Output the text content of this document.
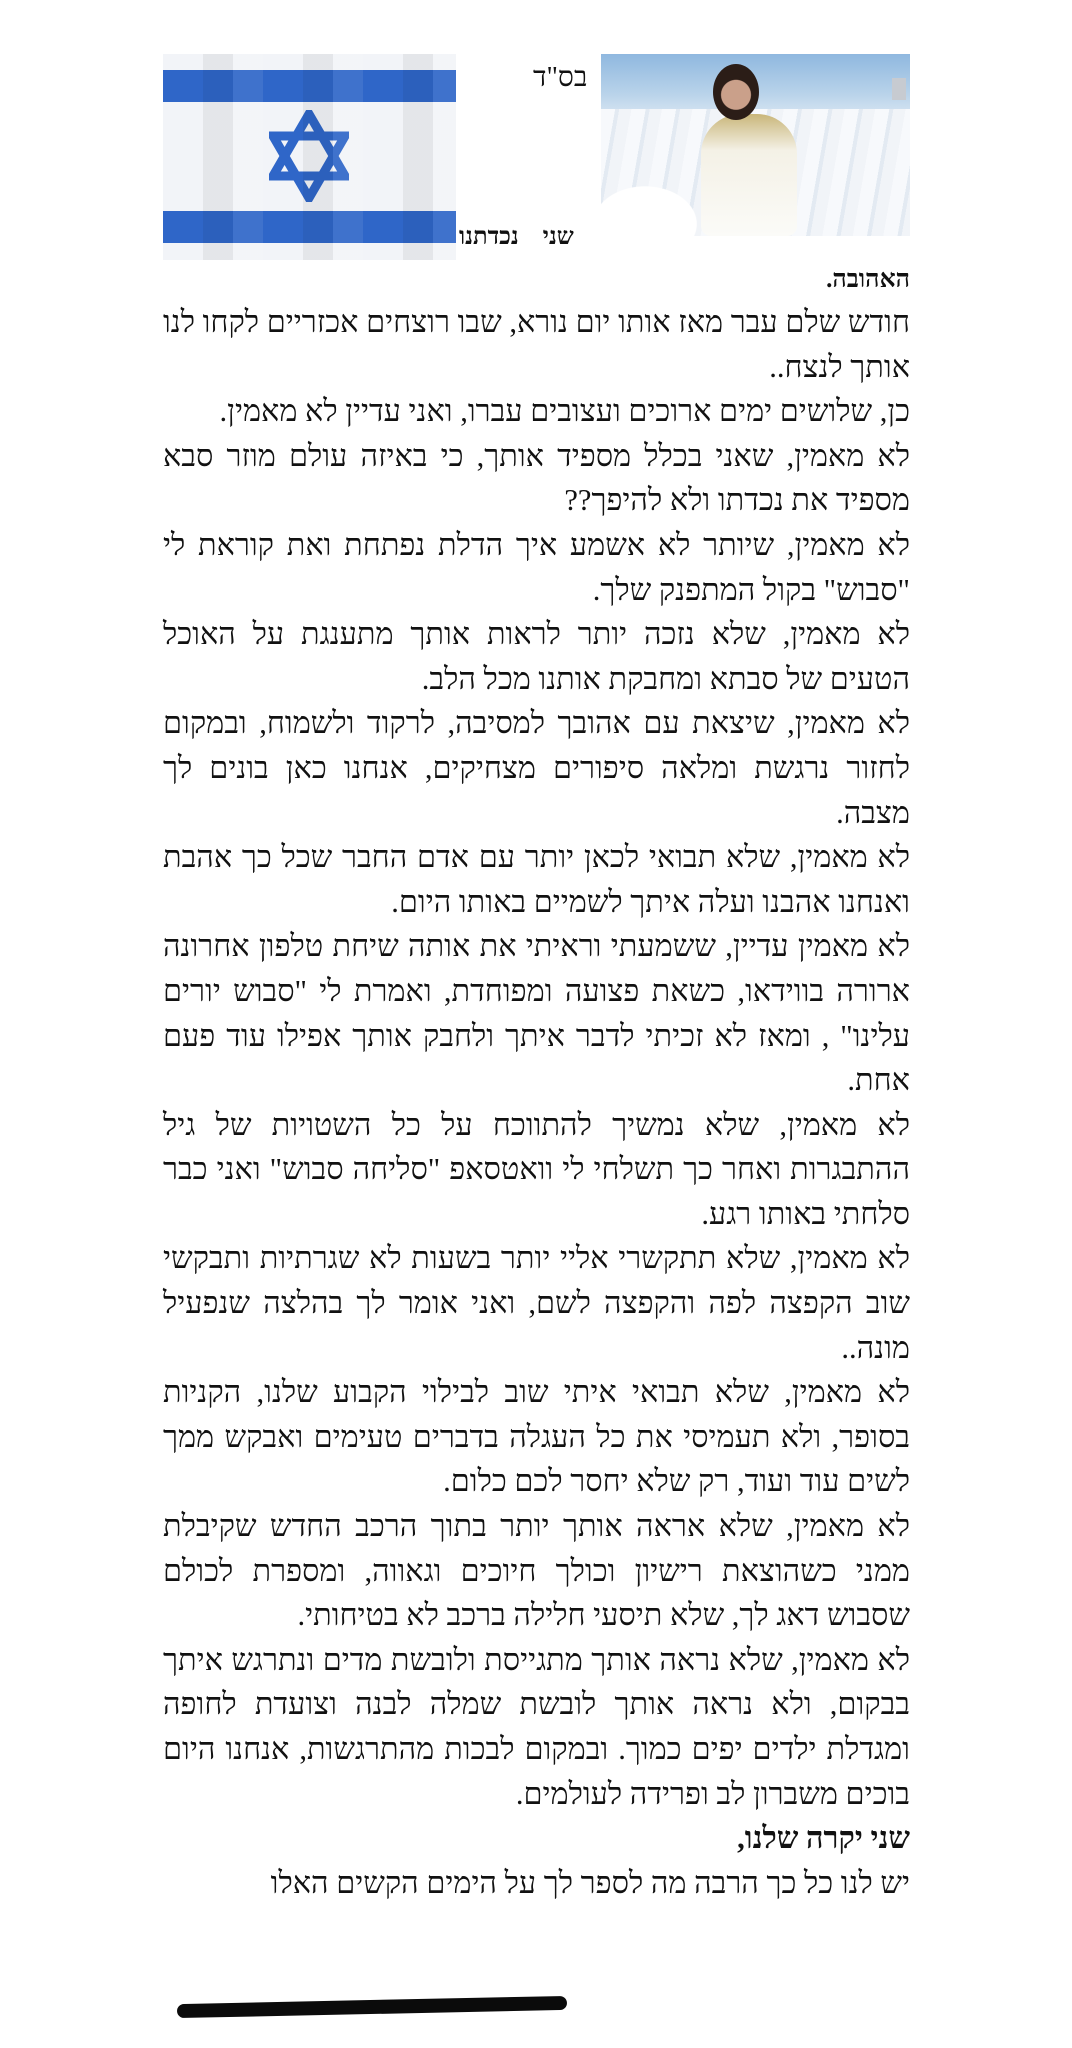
בס"ד
שני נכדתנו

האהובה.

חודש שלם עבר מאז אותו יום נורא, שבו רוצחים אכזריים לקחו לנו אותך לנצח..

כן, שלושים ימים ארוכים ועצובים עברו, ואני עדיין לא מאמין.

לא מאמין, שאני בכלל מספיד אותך, כי באיזה עולם מוזר סבא מספיד את נכדתו ולא להיפך??

לא מאמין, שיותר לא אשמע איך הדלת נפתחת ואת קוראת לי "סבוש" בקול המתפנק שלך.

לא מאמין, שלא נזכה יותר לראות אותך מתענגת על האוכל הטעים של סבתא ומחבקת אותנו מכל הלב.

לא מאמין, שיצאת עם אהובך למסיבה, לרקוד ולשמוח, ובמקום לחזור נרגשת ומלאה סיפורים מצחיקים, אנחנו כאן בונים לך מצבה.

לא מאמין, שלא תבואי לכאן יותר עם אדם החבר שכל כך אהבת ואנחנו אהבנו ועלה איתך לשמיים באותו היום.

לא מאמין עדיין, ששמעתי וראיתי את אותה שיחת טלפון אחרונה ארורה בווידאו, כשאת פצועה ומפוחדת, ואמרת לי "סבוש יורים עלינו" , ומאז לא זכיתי לדבר איתך ולחבק אותך אפילו עוד פעם אחת.

לא מאמין, שלא נמשיך להתווכח על כל השטויות של גיל ההתבגרות ואחר כך תשלחי לי וואטסאפ "סליחה סבוש" ואני כבר סלחתי באותו רגע.

לא מאמין, שלא תתקשרי אליי יותר בשעות לא שגרתיות ותבקשי שוב הקפצה לפה והקפצה לשם, ואני אומר לך בהלצה שנפעיל מונה..

לא מאמין, שלא תבואי איתי שוב לבילוי הקבוע שלנו, הקניות בסופר, ולא תעמיסי את כל העגלה בדברים טעימים ואבקש ממך לשים עוד ועוד, רק שלא יחסר לכם כלום.

לא מאמין, שלא אראה אותך יותר בתוך הרכב החדש שקיבלת ממני כשהוצאת רישיון וכולך חיוכים וגאווה, ומספרת לכולם שסבוש דאג לך, שלא תיסעי חלילה ברכב לא בטיחותי.

לא מאמין, שלא נראה אותך מתגייסת ולובשת מדים ונתרגש איתך בבקום, ולא נראה אותך לובשת שמלה לבנה וצועדת לחופה ומגדלת ילדים יפים כמוך. ובמקום לבכות מהתרגשות, אנחנו היום בוכים משברון לב ופרידה לעולמים.

שני יקרה שלנו,

יש לנו כל כך הרבה מה לספר לך על הימים הקשים האלו
